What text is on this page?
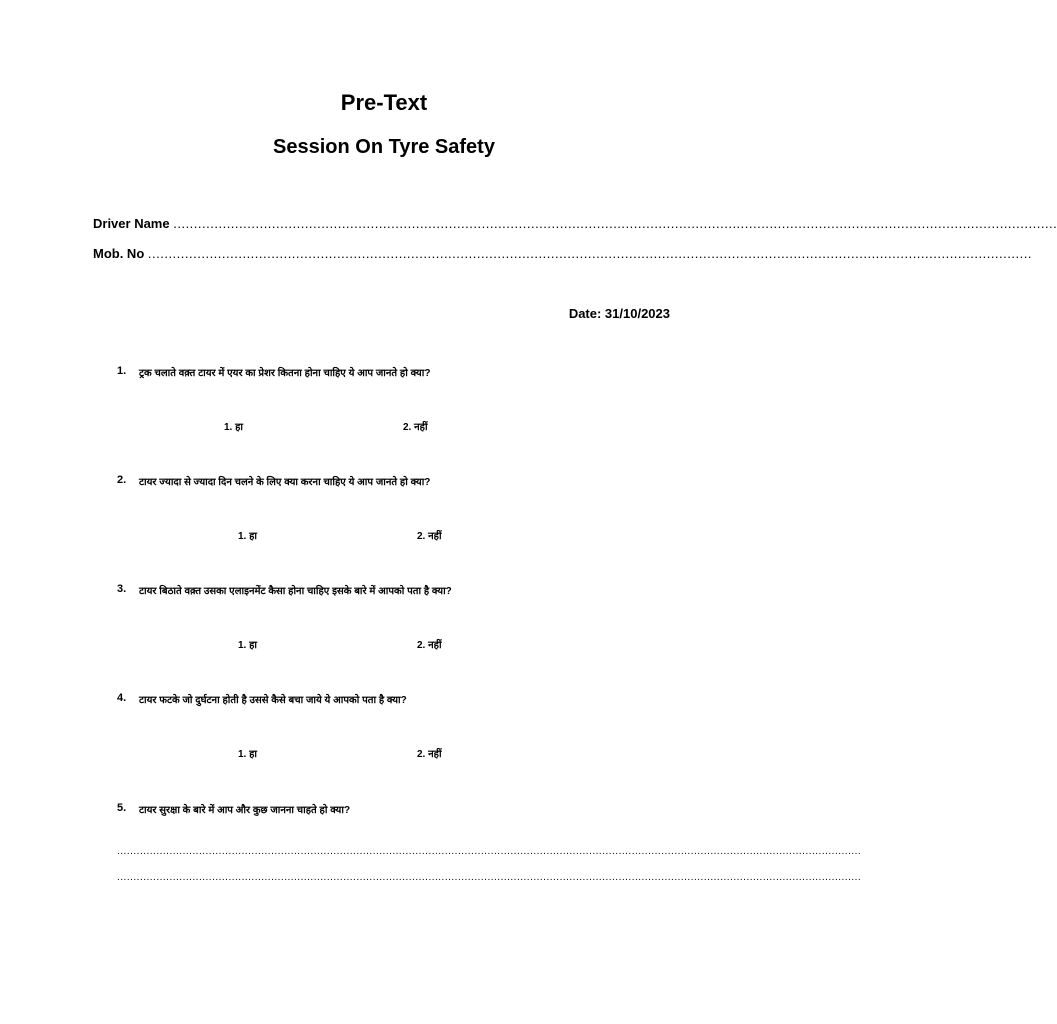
Pre-Text
Session On Tyre Safety
Driver Name .......................................................................................................................................................................................................................
Mob. No .......................................................................................................................................................................................................................
Date: 31/10/2023
1. ट्रक चलाते वक़्त टायर में एयर का प्रेशर कितना होना चाहिए ये आप जानते हो क्या?
1. हा	2. नहीं
2. टायर ज्यादा से ज्यादा दिन चलने के लिए क्या करना चाहिए ये आप जानते हो क्या?
1. हा	2. नहीं
3. टायर बिठाते वक़्त उसका एलाइनमेंट कैसा होना चाहिए इसके बारे में आपको पता है क्या?
1. हा	2. नहीं
4. टायर फटके जो दुर्घटना होती है उससे कैसे बचा जाये ये आपको पता है क्या?
1. हा	2. नहीं
5. टायर सुरक्षा के बारे में आप और कुछ जानना चाहते हो क्या?
...................................................................................................................................................................................................................................
...................................................................................................................................................................................................................................
